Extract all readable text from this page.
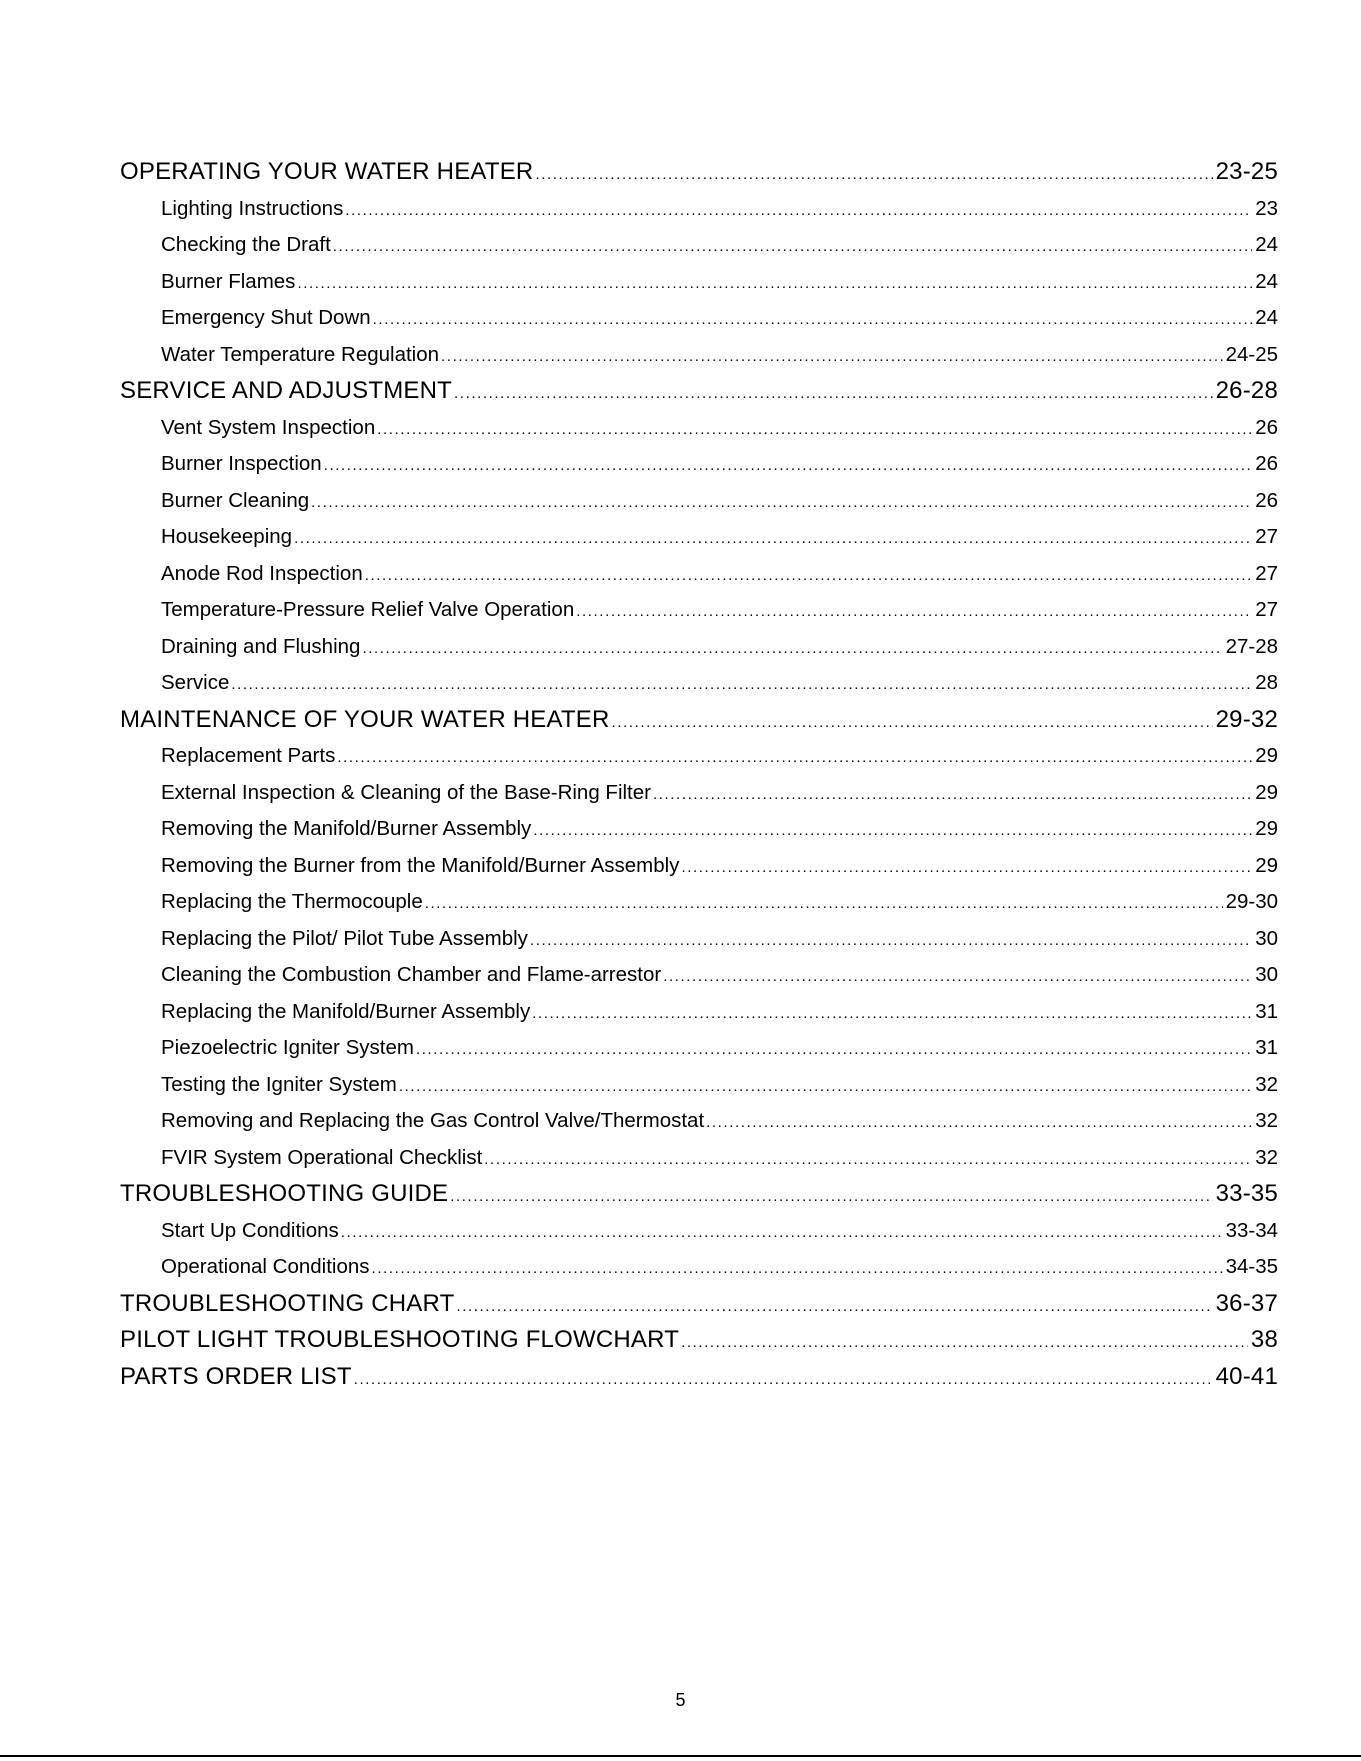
OPERATING YOUR WATER HEATER .....	23-25
Lighting Instructions .....	23
Checking the Draft .....	24
Burner Flames .....	24
Emergency Shut Down .....	24
Water Temperature Regulation .....	24-25
SERVICE AND ADJUSTMENT .....	26-28
Vent System Inspection .....	26
Burner Inspection .....	26
Burner Cleaning .....	26
Housekeeping .....	27
Anode Rod Inspection .....	27
Temperature-Pressure Relief Valve Operation .....	27
Draining and Flushing .....	27-28
Service .....	28
MAINTENANCE OF YOUR WATER HEATER .....	29-32
Replacement Parts .....	29
External Inspection & Cleaning of the Base-Ring Filter .....	29
Removing the Manifold/Burner Assembly .....	29
Removing the Burner from the Manifold/Burner Assembly .....	29
Replacing the Thermocouple .....	29-30
Replacing the Pilot/ Pilot Tube Assembly .....	30
Cleaning the Combustion Chamber and Flame-arrestor .....	30
Replacing the Manifold/Burner Assembly .....	31
Piezoelectric Igniter System .....	31
Testing the Igniter System .....	32
Removing and Replacing the Gas Control Valve/Thermostat .....	32
FVIR System Operational Checklist .....	32
TROUBLESHOOTING GUIDE .....	33-35
Start Up Conditions .....	33-34
Operational Conditions .....	34-35
TROUBLESHOOTING CHART .....	36-37
PILOT LIGHT TROUBLESHOOTING FLOWCHART .....	38
PARTS ORDER LIST .....	40-41
5
